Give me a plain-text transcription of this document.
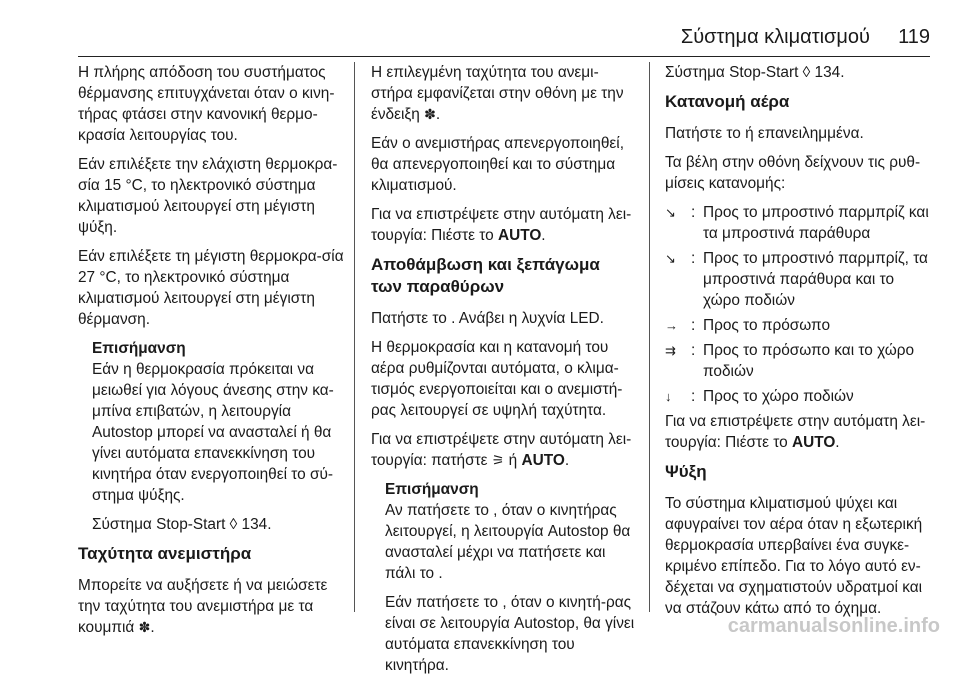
Σύστημα κλιματισμού 119

Η πλήρης απόδοση του συστήματος θέρμανσης επιτυγχάνεται όταν ο κινη-τήρας φτάσει στην κανονική θερμο-κρασία λειτουργίας του.

Εάν επιλέξετε την ελάχιστη θερμοκρα-σία 15 °C, το ηλεκτρονικό σύστημα κλιματισμού λειτουργεί στη μέγιστη ψύξη.

Εάν επιλέξετε τη μέγιστη θερμοκρα-σία 27 °C, το ηλεκτρονικό σύστημα κλιματισμού λειτουργεί στη μέγιστη θέρμανση.

Επισήμανση

Εάν η θερμοκρασία πρόκειται να μειωθεί για λόγους άνεσης στην κα-μπίνα επιβατών, η λειτουργία Autostop μπορεί να ανασταλεί ή θα γίνει αυτόματα επανεκκίνηση του κινητήρα όταν ενεργοποιηθεί το σύ-στημα ψύξης.

Σύστημα Stop-Start ◊ 134.

Ταχύτητα ανεμιστήρα

Μπορείτε να αυξήσετε ή να μειώσετε την ταχύτητα του ανεμιστήρα με τα κουμπιά ✽.

Η επιλεγμένη ταχύτητα του ανεμι-στήρα εμφανίζεται στην οθόνη με την ένδειξη ✽.

Εάν ο ανεμιστήρας απενεργοποιηθεί, θα απενεργοποιηθεί και το σύστημα κλιματισμού.

Για να επιστρέψετε στην αυτόματη λει-τουργία: Πιέστε το AUTO.

Αποθάμβωση και ξεπάγωμα των παραθύρων

Πατήστε το . Ανάβει η λυχνία LED.

Η θερμοκρασία και η κατανομή του αέρα ρυθμίζονται αυτόματα, ο κλιμα-τισμός ενεργοποιείται και ο ανεμιστή-ρας λειτουργεί σε υψηλή ταχύτητα.

Για να επιστρέψετε στην αυτόματη λει-τουργία: πατήστε ⚞ ή AUTO.

Επισήμανση

Αν πατήσετε το , όταν ο κινητήρας λειτουργεί, η λειτουργία Autostop θα ανασταλεί μέχρι να πατήσετε και πάλι το .

Εάν πατήσετε το , όταν ο κινητή-ρας είναι σε λειτουργία Autostop, θα γίνει αυτόματα επανεκκίνηση του κινητήρα.

Σύστημα Stop-Start ◊ 134.

Κατανομή αέρα

Πατήστε το ή επανειλημμένα.

Τα βέλη στην οθόνη δείχνουν τις ρυθ-μίσεις κατανομής:

↘ : Προς το μπροστινό παρμπρίζ και τα μπροστινά παράθυρα
↘ : Προς το μπροστινό παρμπρίζ, τα μπροστινά παράθυρα και το χώρο ποδιών
→ : Προς το πρόσωπο
⇉ : Προς το πρόσωπο και το χώρο ποδιών
↓	: Προς το χώρο ποδιών

Για να επιστρέψετε στην αυτόματη λει-τουργία: Πιέστε το AUTO.

Ψύξη

Το σύστημα κλιματισμού ψύχει και αφυγραίνει τον αέρα όταν η εξωτερική θερμοκρασία υπερβαίνει ένα συγκε-κριμένο επίπεδο. Για το λόγο αυτό εν-δέχεται να σχηματιστούν υδρατμοί και να στάζουν κάτω από το όχημα.

carmanualsonline.info
